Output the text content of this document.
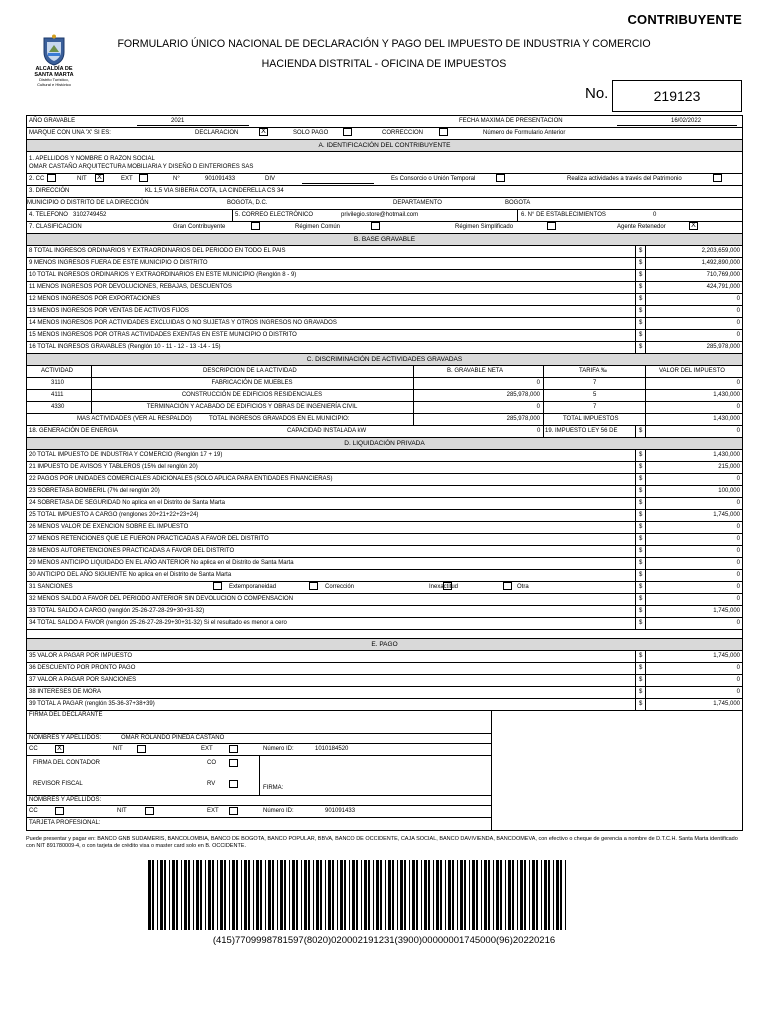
CONTRIBUYENTE
ALCALDÍA DE
SANTA MARTA
Distrito Turístico,
Cultural e Histórico
FORMULARIO ÚNICO NACIONAL DE DECLARACIÓN Y PAGO DEL IMPUESTO DE INDUSTRIA Y COMERCIO
HACIENDA DISTRITAL - OFICINA DE IMPUESTOS
No.	219123
AÑO GRAVABLE	2021	FECHA MAXIMA DE PRESENTACION	16/02/2022
MARQUE CON UNA 'X' SI ES:	DECLARACION	X	SOLO PAGO	CORRECCION	Número de Formulario Anterior
A. IDENTIFICACIÓN DEL CONTRIBUYENTE
1. APELLIDOS Y NOMBRE O RAZON SOCIAL
OMAR CASTAÑO ARQUITECTURA MOBILIARIA Y DISEÑO D EINTERIORES SAS
2. CC	NIT	X	EXT	N°	901091433	DIV	Es Consorcio o Unión Temporal	Realiza actividades a través del Patrimonio
3. DIRECCIÓN	KL 1,5 VIA SIBERIA COTA, LA CINDERELLA CS 34
MUNICIPIO O DISTRITO DE LA DIRECCIÓN	BOGOTA, D.C.	DEPARTAMENTO	BOGOTA
4. TELEFONO 3102749452	5. CORREO ELECTRÓNICO	privilegio.store@hotmail.com	6. N° DE ESTABLECIMIENTOS	0
7. CLASIFICACION	Gran Contribuyente	Régimen Común	Régimen Simplificado	Agente Retenedor	X
B. BASE GRAVABLE
8 TOTAL INGRESOS ORDINARIOS Y EXTRAORDINARIOS DEL PERIODO EN TODO EL PAIS	$	2,203,659,000
9 MENOS INGRESOS FUERA DE ESTE MUNICIPIO O DISTRITO	$	1,492,890,000
10 TOTAL INGRESOS ORDINARIOS Y EXTRAORDINARIOS EN ESTE MUNICIPIO (Renglón 8 - 9)	$	710,769,000
11 MENOS INGRESOS POR DEVOLUCIONES, REBAJAS, DESCUENTOS	$	424,791,000
12 MENOS INGRESOS POR EXPORTACIONES	$	0
13 MENOS INGRESOS POR VENTAS DE ACTIVOS FIJOS	$	0
14 MENOS INGRESOS POR ACTIVIDADES EXCLUIDAS O NO SUJETAS Y OTROS INGRESOS NO GRAVADOS	$	0
15 MENOS INGRESOS POR OTRAS ACTIVIDADES EXENTAS EN ESTE MUNICIPIO O DISTRITO	$	0
16 TOTAL INGRESOS GRAVABLES (Renglón 10 - 11 - 12 - 13 -14 - 15)	$	285,978,000
C. DISCRIMINACIÓN DE ACTIVIDADES GRAVADAS
ACTIVIDAD	DESCRIPCION DE LA ACTIVIDAD	B. GRAVABLE NETA	TARIFA ‰	VALOR DEL IMPUESTO
3110	FABRICACIÓN DE MUEBLES	0	7	0
4111	CONSTRUCCIÓN DE EDIFICIOS RESIDENCIALES	285,978,000	5	1,430,000
4330	TERMINACIÓN Y ACABADO DE EDIFICIOS Y OBRAS DE INGENIERÍA CIVIL	0	7	0
MAS ACTIVIDADES (VER AL RESPALDO)	TOTAL INGRESOS GRAVADOS EN EL MUNICIPIO:	285,978,000	TOTAL IMPUESTOS	1,430,000
18. GENERACIÓN DE ENERGIA	CAPACIDAD INSTALADA kW	0 19. IMPUESTO LEY 56 DE	$	0
D. LIQUIDACIÓN PRIVADA
20 TOTAL IMPUESTO DE INDUSTRIA Y COMERCIO (Renglón 17 + 19)	$	1,430,000
21 IMPUESTO DE AVISOS Y TABLEROS (15% del renglón 20)	$	215,000
22 PAGOS POR UNIDADES COMERCIALES ADICIONALES (SOLO APLICA PARA ENTIDADES FINANCIERAS)	$	0
23 SOBRETASA BOMBERIL (7% del renglón 20)	$	100,000
24 SOBRETASA DE SEGURIDAD No aplica en el Distrito de Santa Marta	$	0
25 TOTAL IMPUESTO A CARGO (renglones 20+21+22+23+24)	$	1,745,000
26 MENOS VALOR DE EXENCION SOBRE EL IMPUESTO	$	0
27 MENOS RETENCIONES QUE LE FUERON PRACTICADAS A FAVOR DEL DISTRITO	$	0
28 MENOS AUTORETENCIONES PRACTICADAS A FAVOR DEL DISTRITO	$	0
29 MENOS ANTICIPO LIQUIDADO EN EL AÑO ANTERIOR No aplica en el Distrito de Santa Marta	$	0
30 ANTICIPO DEL AÑO SIGUIENTE No aplica en el Distrito de Santa Marta	$	0
31 SANCIONES	Extemporaneidad	Corrección	Inexactitud	Otra	$	0
32 MENOS SALDO A FAVOR DEL PERIODO ANTERIOR SIN DEVOLUCION O COMPENSACION	$	0
33 TOTAL SALDO A CARGO (renglón 25-26-27-28-29+30+31-32)	$	1,745,000
34 TOTAL SALDO A FAVOR (renglón 25-26-27-28-29+30+31-32) Si el resultado es menor a cero	$	0
E. PAGO
35 VALOR A PAGAR POR IMPUESTO	$	1,745,000
36 DESCUENTO POR PRONTO PAGO	$	0
37 VALOR A PAGAR POR SANCIONES	$	0
38 INTERESES DE MORA	$	0
39 TOTAL A PAGAR (renglón 35-36-37+38+39)	$	1,745,000
FIRMA DEL DECLARANTE
NOMBRES Y APELLIDOS:	OMAR ROLANDO PINEDA CASTAÑO
CC	X	NIT	EXT	Número ID:	1010184520
FIRMA DEL CONTADOR	CO
REVISOR FISCAL	RV
FIRMA:
NOMBRES Y APELLIDOS:
CC	NIT	EXT	Número ID:	901091433
TARJETA PROFESIONAL:
Puede presentar y pagar en: BANCO GNB SUDAMERIS, BANCOLOMBIA, BANCO DE BOGOTA, BANCO POPULAR, BBVA, BANCO DE OCCIDENTE, CAJA SOCIAL, BANCO DAVIVIENDA, BANCOOMEVA, con efectivo o cheque de gerencia a nombre de D.T.C.H. Santa Marta identificado con NIT 891780009-4, o con tarjeta de crédito visa o master card solo en B. OCCIDENTE.
(415)7709998781597(8020)020002191231(3900)00000001745000(96)20220216
